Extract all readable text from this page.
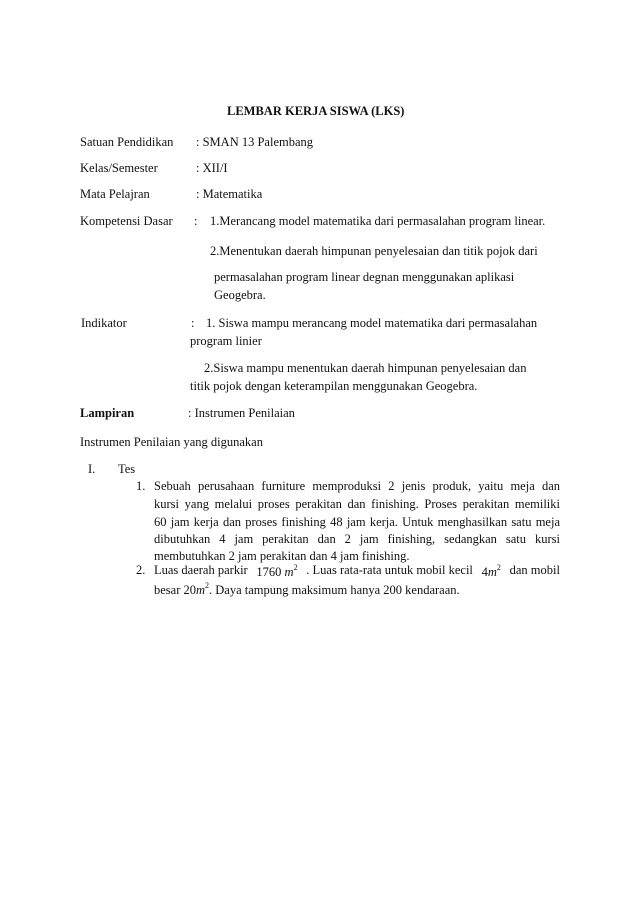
LEMBAR KERJA SISWA (LKS)
Satuan Pendidikan : SMAN 13 Palembang
Kelas/Semester	: XII/I
Mata Pelajran	: Matematika
Kompetensi Dasar : 1.Merancang model matematika dari permasalahan program linear.
2.Menentukan daerah himpunan penyelesaian dan titik pojok dari
permasalahan program linear degnan menggunakan aplikasi
Geogebra.
Indikator	: 1. Siswa mampu merancang model matematika dari permasalahan
program linier
2.Siswa mampu menentukan daerah himpunan penyelesaian dan
titik pojok dengan keterampilan menggunakan Geogebra.
Lampiran	: Instrumen Penilaian
Instrumen Penilaian yang digunakan
I. Tes
1. Sebuah perusahaan furniture memproduksi 2 jenis produk, yaitu meja dan
kursi yang melalui proses perakitan dan finishing. Proses perakitan memiliki
60 jam kerja dan proses finishing 48 jam kerja. Untuk menghasilkan satu meja
dibutuhkan 4 jam perakitan dan 2 jam finishing, sedangkan satu kursi
membutuhkan 2 jam perakitan dan 4 jam finishing.
2. Luas daerah parkir 1760 $m^2$ . Luas rata-rata untuk mobil kecil $4m^2$ dan mobil
besar $20m^2$. Daya tampung maksimum hanya 200 kendaraan.
